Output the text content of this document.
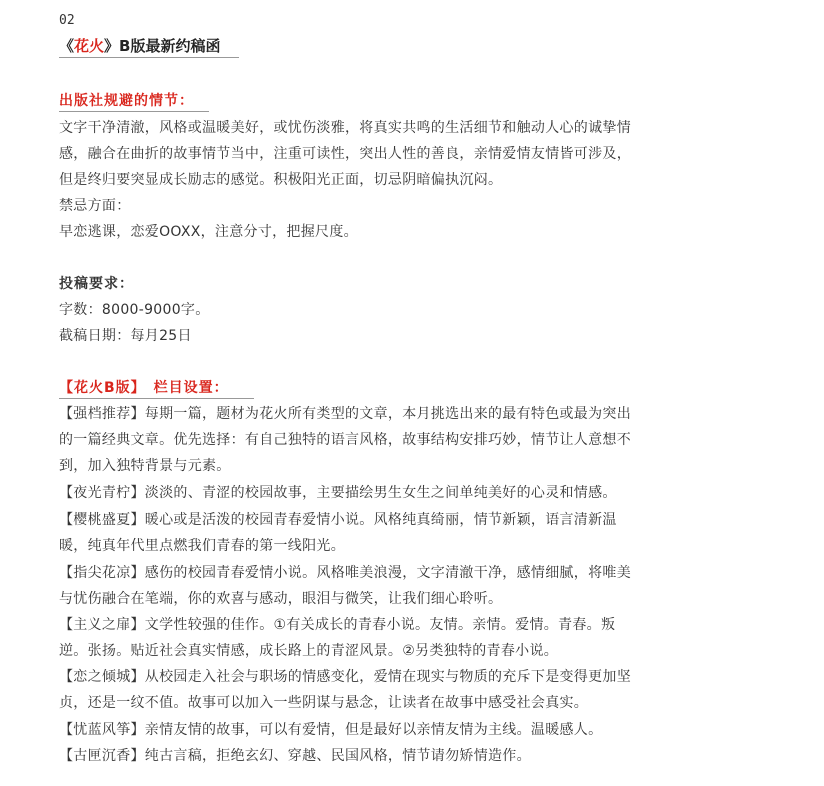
02
《花火》B版最新约稿函
出版社规避的情节：
文字干净清澈，风格或温暖美好，或忧伤淡雅，将真实共鸣的生活细节和触动人心的诚挚情
感，融合在曲折的故事情节当中，注重可读性，突出人性的善良，亲情爱情友情皆可涉及，
但是终归要突显成长励志的感觉。积极阳光正面，切忌阴暗偏执沉闷。
禁忌方面：
早恋逃课，恋爱OOXX，注意分寸，把握尺度。
投稿要求：
字数：8000-9000字。
截稿日期：每月25日
【花火B版】　栏目设置：
【强档推荐】每期一篇，题材为花火所有类型的文章，本月挑选出来的最有特色或最为突出
的一篇经典文章。优先选择：有自己独特的语言风格，故事结构安排巧妙，情节让人意想不
到，加入独特背景与元素。
【夜光青柠】淡淡的、青涩的校园故事，主要描绘男生女生之间单纯美好的心灵和情感。
【樱桃盛夏】暖心或是活泼的校园青春爱情小说。风格纯真绮丽，情节新颖，语言清新温
暖，纯真年代里点燃我们青春的第一线阳光。
【指尖花凉】感伤的校园青春爱情小说。风格唯美浪漫，文字清澈干净，感情细腻，将唯美
与忧伤融合在笔端，你的欢喜与感动，眼泪与微笑，让我们细心聆听。
【主义之扉】文学性较强的佳作。①有关成长的青春小说。友情。亲情。爱情。青春。叛
逆。张扬。贴近社会真实情感，成长路上的青涩风景。②另类独特的青春小说。
【恋之倾城】从校园走入社会与职场的情感变化，爱情在现实与物质的充斥下是变得更加坚
贞，还是一纹不值。故事可以加入一些阴谋与悬念，让读者在故事中感受社会真实。
【忧蓝风筝】亲情友情的故事，可以有爱情，但是最好以亲情友情为主线。温暖感人。
【古匣沉香】纯古言稿，拒绝玄幻、穿越、民国风格，情节请勿矫情造作。
